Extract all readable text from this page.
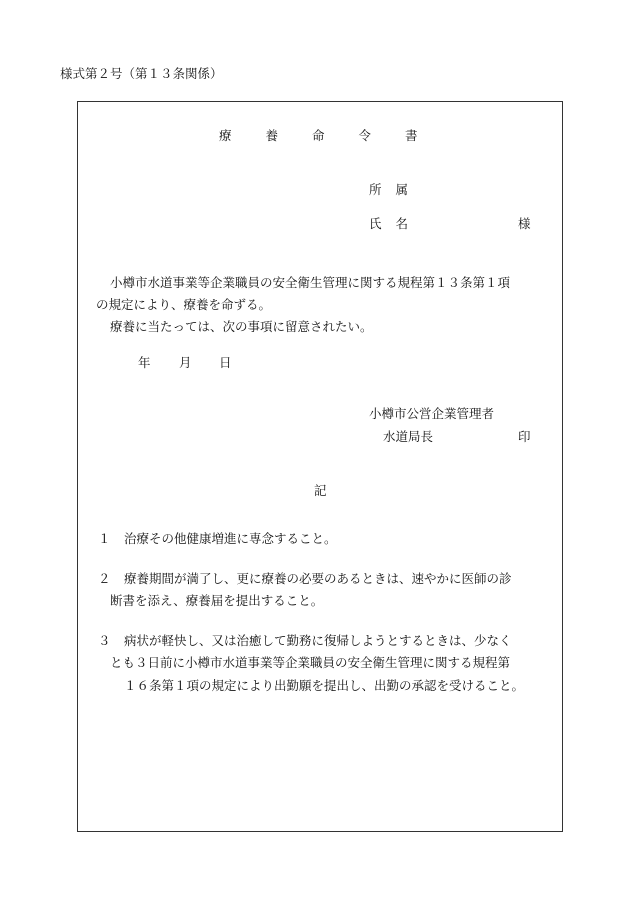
様式第２号（第１３条関係）
療養命令書
所属
氏名	様
小樽市水道事業等企業職員の安全衛生管理に関する規程第１３条第１項
の規定により、療養を命ずる。
療養に当たっては、次の事項に留意されたい。
年 月 日
小樽市公営企業管理者
水道局長	印
記
１ 治療その他健康増進に専念すること。
２ 療養期間が満了し、更に療養の必要のあるときは、速やかに医師の診
断書を添え、療養届を提出すること。
３ 病状が軽快し、又は治癒して勤務に復帰しようとするときは、少なく
とも３日前に小樽市水道事業等企業職員の安全衛生管理に関する規程第
１６条第１項の規定により出勤願を提出し、出勤の承認を受けること。
